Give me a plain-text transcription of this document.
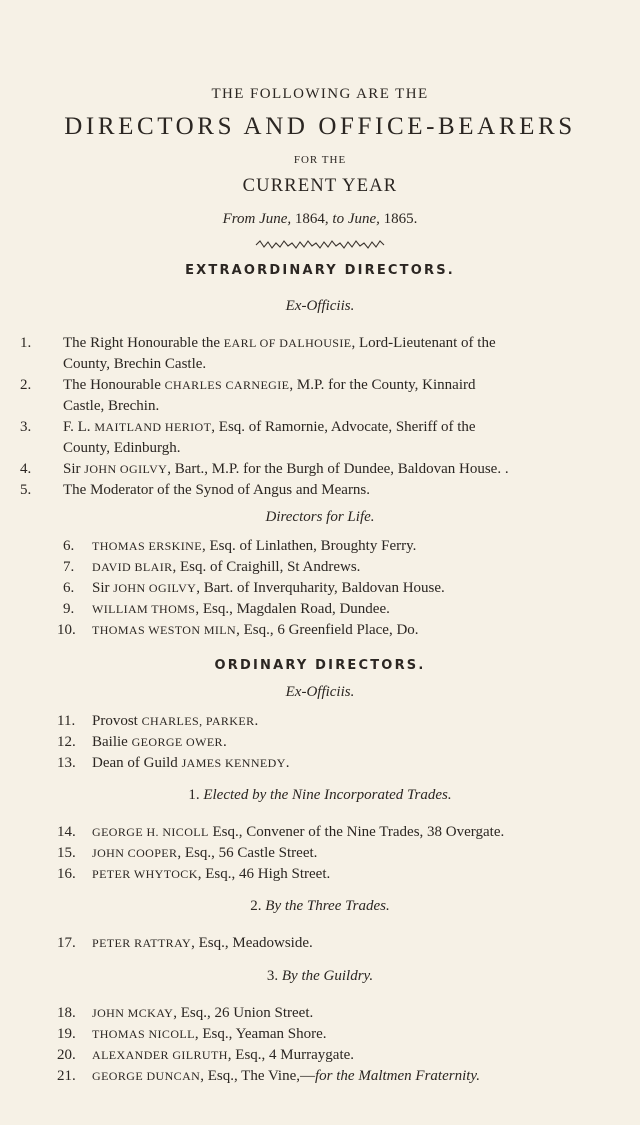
THE FOLLOWING ARE THE
DIRECTORS AND OFFICE-BEARERS
FOR THE
CURRENT YEAR
From June, 1864, to June, 1865.
EXTRAORDINARY DIRECTORS.
Ex-Officiis.
1. The Right Honourable the EARL OF DALHOUSIE, Lord-Lieutenant of the
County, Brechin Castle.
2. The Honourable CHARLES CARNEGIE, M.P. for the County, Kinnaird
Castle, Brechin.
3. F. L. MAITLAND HERIOT, Esq. of Ramornie, Advocate, Sheriff of the
County, Edinburgh.
4. Sir JOHN OGILVY, Bart., M.P. for the Burgh of Dundee, Baldovan House. .
5. The Moderator of the Synod of Angus and Mearns.
Directors for Life.
6. THOMAS ERSKINE, Esq. of Linlathen, Broughty Ferry.
7. DAVID BLAIR, Esq. of Craighill, St Andrews.
6. Sir JOHN OGILVY, Bart. of Inverquharity, Baldovan House.
9. WILLIAM THOMS, Esq., Magdalen Road, Dundee.
10. THOMAS WESTON MILN, Esq., 6 Greenfield Place, Do.
ORDINARY DIRECTORS.
Ex-Officiis.
11. Provost CHARLES, PARKER.
12. Bailie GEORGE OWER.
13. Dean of Guild JAMES KENNEDY.
1. Elected by the Nine Incorporated Trades.
14. GEORGE H. NICOLL Esq., Convener of the Nine Trades, 38 Overgate.
15. JOHN COOPER, Esq., 56 Castle Street.
16. PETER WHYTOCK, Esq., 46 High Street.
2. By the Three Trades.
17. PETER RATTRAY, Esq., Meadowside.
3. By the Guildry.
18. JOHN MCKAY, Esq., 26 Union Street.
19. THOMAS NICOLL, Esq., Yeaman Shore.
20. ALEXANDER GILRUTH, Esq., 4 Murraygate.
21. GEORGE DUNCAN, Esq., The Vine,—for the Maltmen Fraternity.
